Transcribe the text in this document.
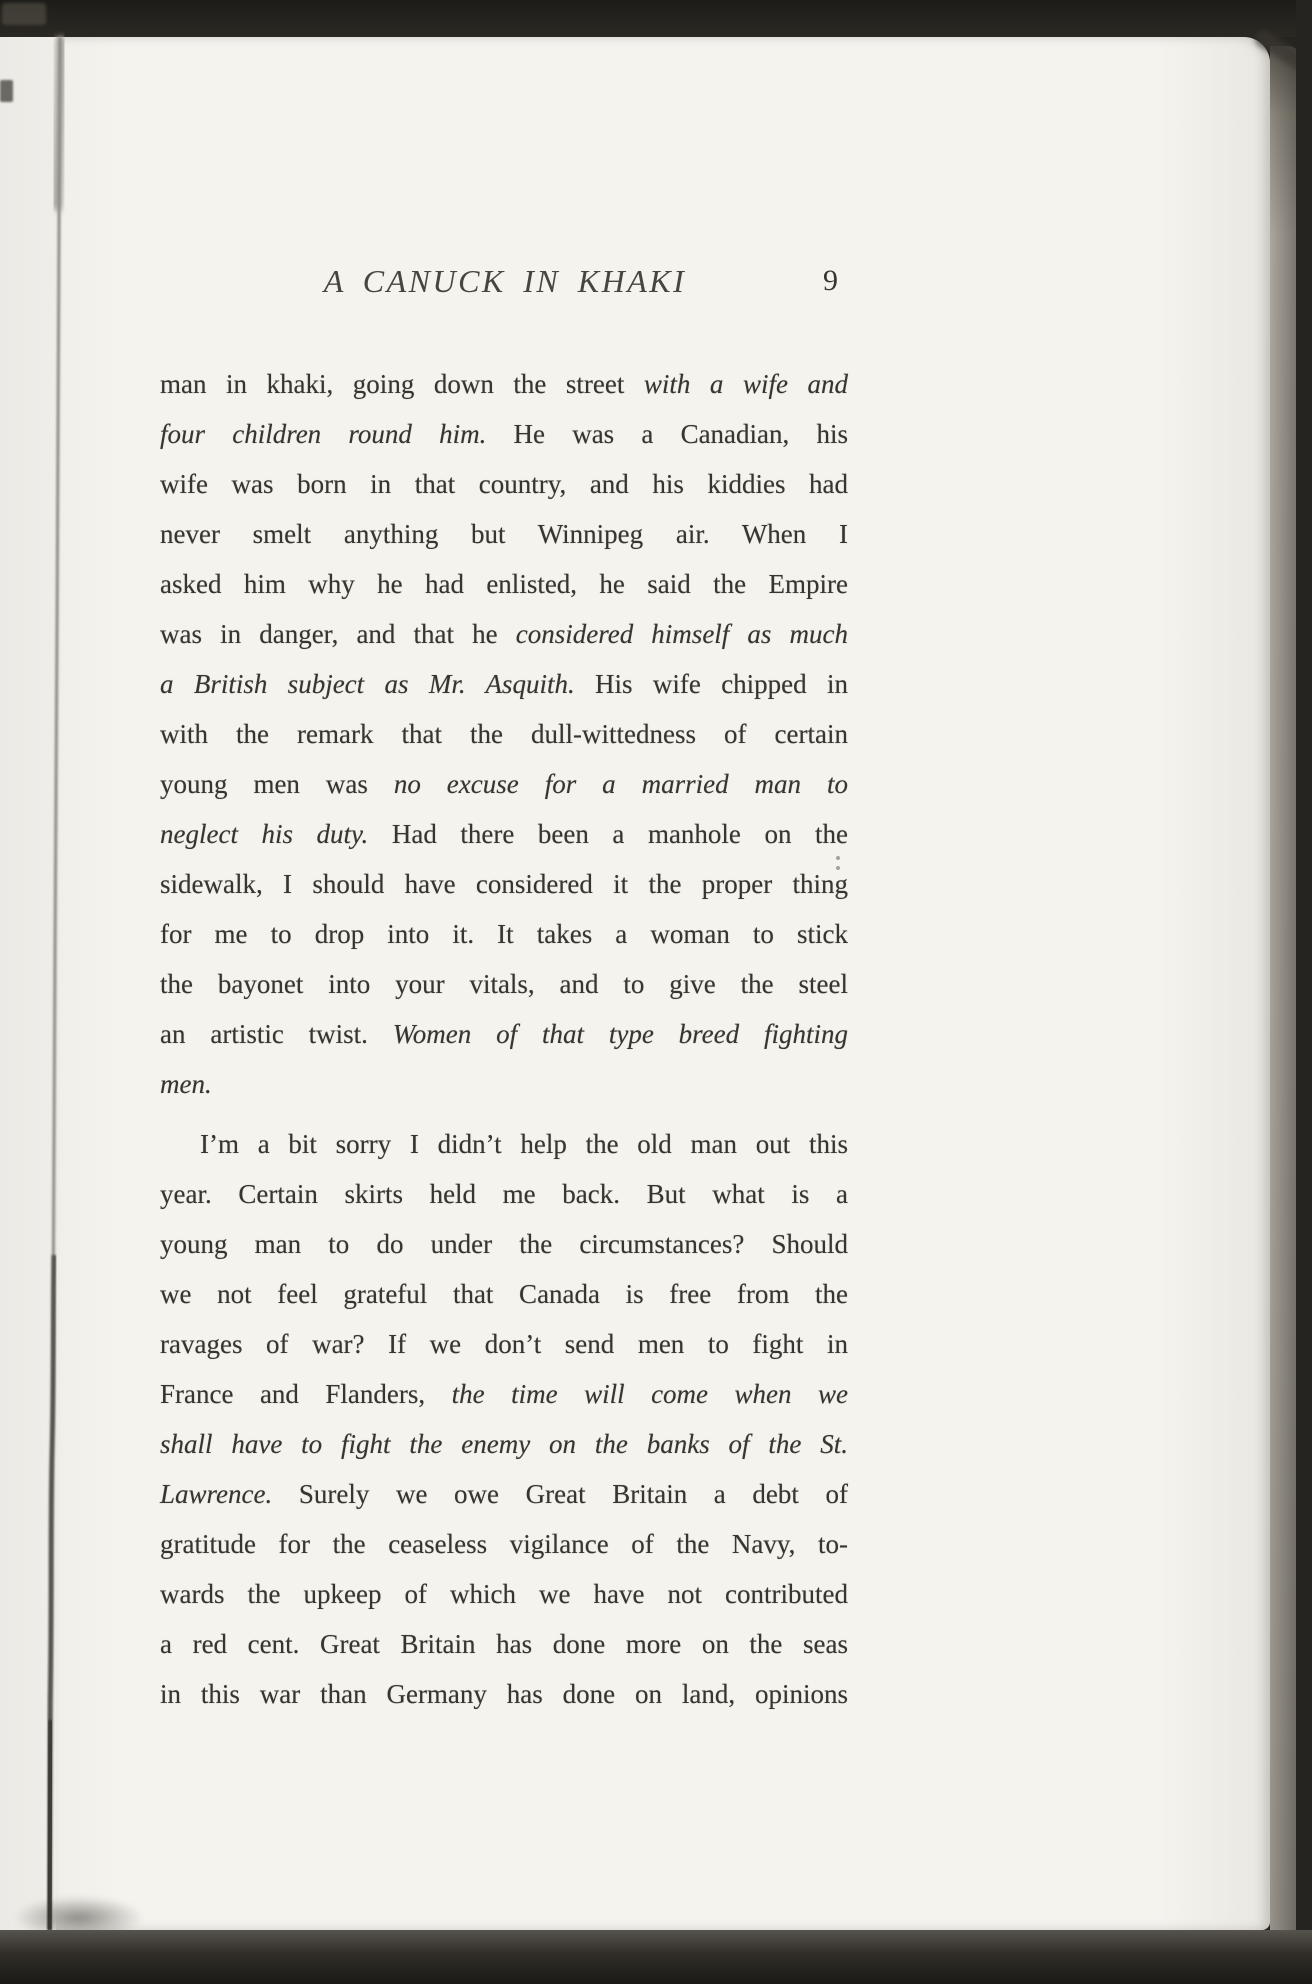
A CANUCK IN KHAKI	9
man in khaki, going down the street with a wife and
four children round him. He was a Canadian, his
wife was born in that country, and his kiddies had
never smelt anything but Winnipeg air. When I
asked him why he had enlisted, he said the Empire
was in danger, and that he considered himself as much
a British subject as Mr. Asquith. His wife chipped in
with the remark that the dull-wittedness of certain
young men was no excuse for a married man to
neglect his duty. Had there been a manhole on the
sidewalk, I should have considered it the proper thing
for me to drop into it. It takes a woman to stick
the bayonet into your vitals, and to give the steel
an artistic twist. Women of that type breed fighting
men.
I’m a bit sorry I didn’t help the old man out this
year. Certain skirts held me back. But what is a
young man to do under the circumstances? Should
we not feel grateful that Canada is free from the
ravages of war? If we don’t send men to fight in
France and Flanders, the time will come when we
shall have to fight the enemy on the banks of the St.
Lawrence. Surely we owe Great Britain a debt of
gratitude for the ceaseless vigilance of the Navy, to-
wards the upkeep of which we have not contributed
a red cent. Great Britain has done more on the seas
in this war than Germany has done on land, opinions
